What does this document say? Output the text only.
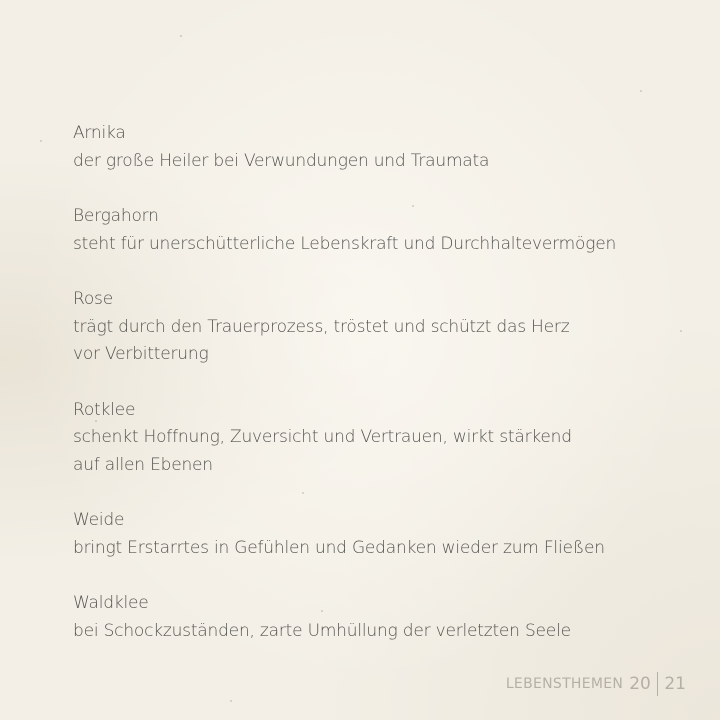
Arnika
der große Heiler bei Verwundungen und Traumata
Bergahorn
steht für unerschütterliche Lebenskraft und Durchhaltevermögen
Rose
trägt durch den Trauerprozess, tröstet und schützt das Herz
vor Verbitterung
Rotklee
schenkt Hoffnung, Zuversicht und Vertrauen, wirkt stärkend
auf allen Ebenen
Weide
bringt Erstarrtes in Gefühlen und Gedanken wieder zum Fließen
Waldklee
bei Schockzuständen, zarte Umhüllung der verletzten Seele
LEBENSTHEMEN 20 21
